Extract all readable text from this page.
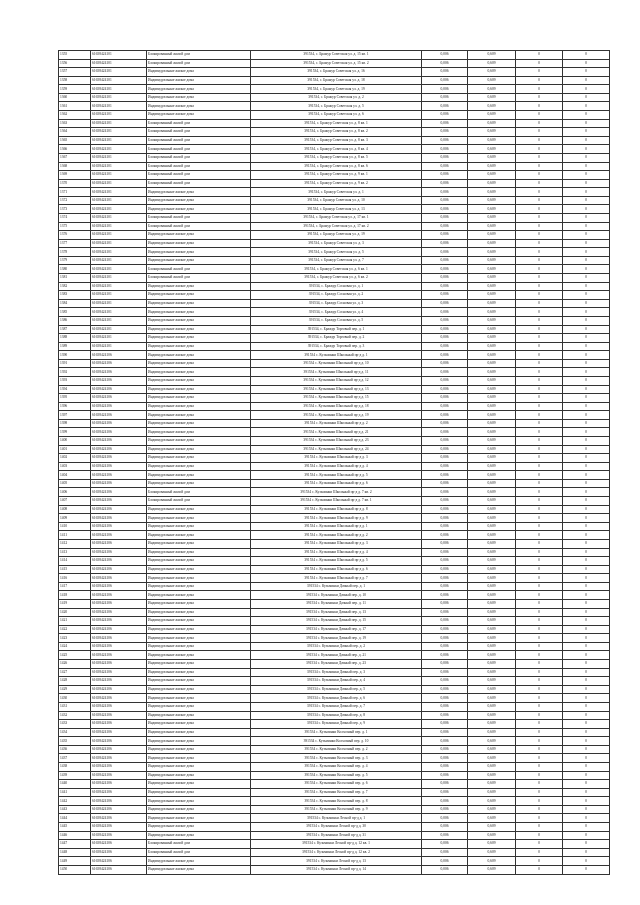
1355	61658424101	Блокированный жилой дом	391534, с. Бражур Советская ул. д. 15 кв. 1	0,006	0,609	0	0
1356	61658424101	Блокированный жилой дом	391534, с. Бражур Советская ул. д. 15 кв. 2	0,006	0,609	0	0
1357	61658424101	Индивидуальные жилые дома	391534, с. Бражур Советская ул. д. 16	0,006	0,609	0	0
1358	61658424101	Индивидуальные жилые дома	391534, с. Бражур Советская ул. д. 18	0,006	0,609	0	0
1359	61658424101	Индивидуальные жилые дома	391534, с. Бражур Советская ул. д. 19	0,006	0,609	0	0
1360	61658424101	Индивидуальные жилые дома	391534, с. Бражур Советская ул. д. 2	0,006	0,609	0	0
1361	61658424101	Индивидуальные жилые дома	391534, с. Бражур Советская ул. д. 5	0,006	0,609	0	0
1362	61658424101	Индивидуальные жилые дома	391534, с. Бражур Советская ул. д. 6	0,006	0,609	0	0
1363	61658424101	Блокированный жилой дом	391534, с. Бражур Советская ул. д. 8 кв. 1	0,006	0,609	0	0
1364	61658424101	Блокированный жилой дом	391534, с. Бражур Советская ул. д. 8 кв. 2	0,006	0,609	0	0
1365	61658424101	Блокированный жилой дом	391534, с. Бражур Советская ул. д. 8 кв. 3	0,006	0,609	0	0
1366	61658424101	Блокированный жилой дом	391534, с. Бражур Советская ул. д. 8 кв. 4	0,006	0,609	0	0
1367	61658424101	Блокированный жилой дом	391534, с. Бражур Советская ул. д. 8 кв. 5	0,006	0,609	0	0
1368	61658424101	Блокированный жилой дом	391534, с. Бражур Советская ул. д. 8 кв. 6	0,006	0,609	0	0
1369	61658424101	Блокированный жилой дом	391534, с. Бражур Советская ул. д. 9 кв. 1	0,006	0,609	0	0
1370	61658424101	Блокированный жилой дом	391534, с. Бражур Советская ул. д. 9 кв. 2	0,006	0,609	0	0
1371	61658424101	Индивидуальные жилые дома	391534, с. Бражур Советская ул. д. 1	0,006	0,609	0	0
1372	61658424101	Индивидуальные жилые дома	391534, с. Бражур Советская ул. д. 10	0,006	0,609	0	0
1373	61658424101	Индивидуальные жилые дома	391534, с. Бражур Советская ул. д. 13	0,006	0,609	0	0
1374	61658424101	Блокированный жилой дом	391534, с. Бражур Советская ул. д. 17 кв. 1	0,006	0,609	0	0
1375	61658424101	Блокированный жилой дом	391534, с. Бражур Советская ул. д. 17 кв. 2	0,006	0,609	0	0
1376	61658424101	Индивидуальные жилые дома	391534, с. Бражур Советская ул. д. 19	0,006	0,609	0	0
1377	61658424101	Индивидуальные жилые дома	391534, с. Бражур Советская ул. д. 3	0,006	0,609	0	0
1378	61658424101	Индивидуальные жилые дома	391534, с. Бражур Советская ул. д. 5	0,006	0,609	0	0
1379	61658424101	Индивидуальные жилые дома	391534, с. Бражур Советская ул. д. 7	0,006	0,609	0	0
1380	61658424101	Блокированный жилой дом	391534, с. Бражур Советская ул. д. 6 кв. 1	0,006	0,609	0	0
1381	61658424101	Блокированный жилой дом	391534, с. Бражур Советская ул. д. 6 кв. 2	0,006	0,609	0	0
1382	61658424101	Индивидуальные жилые дома	391534, с. Бражур Сосновая ул. д. 1	0,006	0,609	0	0
1383	61658424101	Индивидуальные жилые дома	391534, с. Бражур Сосновая ул. д. 2	0,006	0,609	0	0
1384	61658424101	Индивидуальные жилые дома	391534, с. Бражур Сосновая ул. д. 3	0,006	0,609	0	0
1385	61658424101	Индивидуальные жилые дома	391534, с. Бражур Сосновая ул. д. 4	0,006	0,609	0	0
1386	61658424101	Индивидуальные жилые дома	391534, с. Бражур Сосновая ул. д. 5	0,006	0,609	0	0
1387	61658424101	Индивидуальные жилые дома	391534, с. Бражур Торговый пер. д. 1	0,006	0,609	0	0
1388	61658424101	Индивидуальные жилые дома	391534, с. Бражур Торговый пер. д. 2	0,006	0,609	0	0
1389	61658424101	Индивидуальные жилые дома	391534, с. Бражур Торговый пер. д. 3	0,006	0,609	0	0
1390	61658424106	Индивидуальные жилые дома	391534 с. Кузьминки Школьный пр-д д. 1	0,006	0,609	0	0
1391	61658424106	Индивидуальные жилые дома	391534 с. Кузьминки Школьный пр-д д. 10	0,006	0,609	0	0
1392	61658424106	Индивидуальные жилые дома	391534 с. Кузьминки Школьный пр-д д. 11	0,006	0,609	0	0
1393	61658424106	Индивидуальные жилые дома	391534 с. Кузьминки Школьный пр-д д. 12	0,006	0,609	0	0
1394	61658424106	Индивидуальные жилые дома	391534 с. Кузьминки Школьный пр-д д. 13	0,006	0,609	0	0
1395	61658424106	Индивидуальные жилые дома	391534 с. Кузьминки Школьный пр-д д. 15	0,006	0,609	0	0
1396	61658424106	Индивидуальные жилые дома	391534 с. Кузьминки Школьный пр-д д. 18	0,006	0,609	0	0
1397	61658424106	Индивидуальные жилые дома	391534 с. Кузьминки Школьный пр-д д. 19	0,006	0,609	0	0
1398	61658424106	Индивидуальные жилые дома	391534 с. Кузьминки Школьный пр-д д. 2	0,006	0,609	0	0
1399	61658424106	Индивидуальные жилые дома	391534 с. Кузьминки Школьный пр-д д. 21	0,006	0,609	0	0
1400	61658424106	Индивидуальные жилые дома	391534 с. Кузьминки Школьный пр-д д. 23	0,006	0,609	0	0
1401	61658424106	Индивидуальные жилые дома	391534 с. Кузьминки Школьный пр-д д. 24	0,006	0,609	0	0
1402	61658424106	Индивидуальные жилые дома	391534 с. Кузьминки Школьный пр-д д. 3	0,006	0,609	0	0
1403	61658424106	Индивидуальные жилые дома	391534 с. Кузьминки Школьный пр-д д. 4	0,006	0,609	0	0
1404	61658424106	Индивидуальные жилые дома	391534 с. Кузьминки Школьный пр-д д. 5	0,006	0,609	0	0
1405	61658424106	Индивидуальные жилые дома	391534 с. Кузьминки Школьный пр-д д. 6	0,006	0,609	0	0
1406	61658424106	Блокированный жилой дом	391534 с. Кузьминки Школьный пр-д д. 7 кв. 2	0,006	0,609	0	0
1407	61658424106	Блокированный жилой дом	391534 с. Кузьминки Школьный пр-д д. 7 кв. 1	0,006	0,609	0	0
1408	61658424106	Индивидуальные жилые дома	391534 с. Кузьминки Школьный пр-д д. 8	0,006	0,609	0	0
1409	61658424106	Индивидуальные жилые дома	391534 с. Кузьминки Школьный пр-д д. 9	0,006	0,609	0	0
1410	61658424106	Индивидуальные жилые дома	391534 с. Кузьминки Школьный пр-д д. 1	0,006	0,609	0	0
1411	61658424106	Индивидуальные жилые дома	391534 с. Кузьминки Школьный пр-д д. 2	0,006	0,609	0	0
1412	61658424106	Индивидуальные жилые дома	391534 с. Кузьминки Школьный пр-д д. 3	0,006	0,609	0	0
1413	61658424106	Индивидуальные жилые дома	391534 с. Кузьминки Школьный пр-д д. 4	0,006	0,609	0	0
1414	61658424106	Индивидуальные жилые дома	391534 с. Кузьминки Школьный пр-д д. 5	0,006	0,609	0	0
1415	61658424106	Индивидуальные жилые дома	391534 с. Кузьминки Школьный пр-д д. 6	0,006	0,609	0	0
1416	61658424106	Индивидуальные жилые дома	391534 с. Кузьминки Школьный пр-д д. 7	0,006	0,609	0	0
1417	61658424106	Индивидуальные жилые дома	391534 с. Кузьминки Дачный пер. д. 1	0,006	0,609	0	0
1418	61658424106	Индивидуальные жилые дома	391534 с. Кузьминки Дачный пер. д. 10	0,006	0,609	0	0
1419	61658424106	Индивидуальные жилые дома	391534 с. Кузьминки Дачный пер. д. 11	0,006	0,609	0	0
1420	61658424106	Индивидуальные жилые дома	391534 с. Кузьминки Дачный пер. д. 13	0,006	0,609	0	0
1421	61658424106	Индивидуальные жилые дома	391534 с. Кузьминки Дачный пер. д. 15	0,006	0,609	0	0
1422	61658424106	Индивидуальные жилые дома	391534 с. Кузьминки Дачный пер. д. 17	0,006	0,609	0	0
1423	61658424106	Индивидуальные жилые дома	391534 с. Кузьминки Дачный пер. д. 19	0,006	0,609	0	0
1424	61658424106	Индивидуальные жилые дома	391534 с. Кузьминки Дачный пер. д. 2	0,006	0,609	0	0
1425	61658424106	Индивидуальные жилые дома	391534 с. Кузьминки Дачный пер. д. 21	0,006	0,609	0	0
1426	61658424106	Индивидуальные жилые дома	391534 с. Кузьминки Дачный пер. д. 23	0,006	0,609	0	0
1427	61658424106	Индивидуальные жилые дома	391534 с. Кузьминки Дачный пер. д. 3	0,006	0,609	0	0
1428	61658424106	Индивидуальные жилые дома	391534 с. Кузьминки Дачный пер. д. 4	0,006	0,609	0	0
1429	61658424106	Индивидуальные жилые дома	391534 с. Кузьминки Дачный пер. д. 5	0,006	0,609	0	0
1430	61658424106	Индивидуальные жилые дома	391534 с. Кузьминки Дачный пер. д. 6	0,006	0,609	0	0
1431	61658424106	Индивидуальные жилые дома	391534 с. Кузьминки Дачный пер. д. 7	0,006	0,609	0	0
1432	61658424106	Индивидуальные жилые дома	391534 с. Кузьминки Дачный пер. д. 8	0,006	0,609	0	0
1433	61658424106	Индивидуальные жилые дома	391534 с. Кузьминки Дачный пер. д. 9	0,006	0,609	0	0
1434	61658424106	Индивидуальные жилые дома	391534 с. Кузьминки Колхозный пер. д. 1	0,006	0,609	0	0
1435	61658424106	Индивидуальные жилые дома	391534 с. Кузьминки Колхозный пер. д. 10	0,006	0,609	0	0
1436	61658424106	Индивидуальные жилые дома	391534 с. Кузьминки Колхозный пер. д. 2	0,006	0,609	0	0
1437	61658424106	Индивидуальные жилые дома	391534 с. Кузьминки Колхозный пер. д. 3	0,006	0,609	0	0
1438	61658424106	Индивидуальные жилые дома	391534 с. Кузьминки Колхозный пер. д. 4	0,006	0,609	0	0
1439	61658424106	Индивидуальные жилые дома	391534 с. Кузьминки Колхозный пер. д. 5	0,006	0,609	0	0
1440	61658424106	Индивидуальные жилые дома	391534 с. Кузьминки Колхозный пер. д. 6	0,006	0,609	0	0
1441	61658424106	Индивидуальные жилые дома	391534 с. Кузьминки Колхозный пер. д. 7	0,006	0,609	0	0
1442	61658424106	Индивидуальные жилые дома	391534 с. Кузьминки Колхозный пер. д. 8	0,006	0,609	0	0
1443	61658424106	Индивидуальные жилые дома	391534 с. Кузьминки Колхозный пер. д. 9	0,006	0,609	0	0
1444	61658424106	Индивидуальные жилые дома	391534 с. Кузьминки Лесной пр-д д. 1	0,006	0,609	0	0
1445	61658424106	Индивидуальные жилые дома	391534 с. Кузьминки Лесной пр-д д. 30	0,006	0,609	0	0
1446	61658424106	Индивидуальные жилые дома	391534 с. Кузьминки Лесной пр-д д. 31	0,006	0,609	0	0
1447	61658424106	Блокированный жилой дом	391534 с. Кузьминки Лесной пр-д д. 12 кв. 1	0,006	0,609	0	0
1448	61658424106	Блокированный жилой дом	391534 с. Кузьминки Лесной пр-д д. 12 кв. 2	0,006	0,609	0	0
1449	61658424106	Индивидуальные жилые дома	391534 с. Кузьминки Лесной пр-д д. 13	0,006	0,609	0	0
1450	61658424106	Индивидуальные жилые дома	391534 с. Кузьминки Лесной пр-д д. 14	0,006	0,609	0	0
